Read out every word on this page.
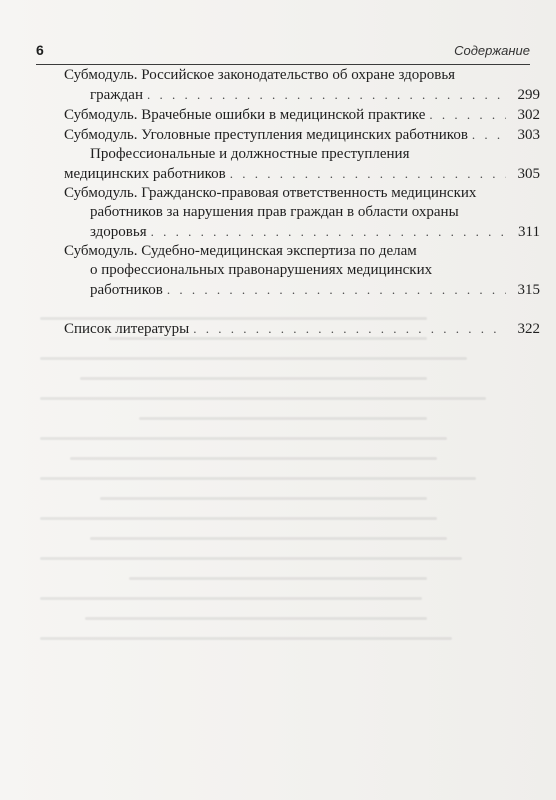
6	Содержание
Субмодуль. Российское законодательство об охране здоровья
граждан . . .	299
Субмодуль. Врачебные ошибки в медицинской практике . . .	302
Субмодуль. Уголовные преступления медицинских работников . . .	303
Профессиональные и должностные преступления
медицинских работников . . .	305
Субмодуль. Гражданско-правовая ответственность медицинских
работников за нарушения прав граждан в области охраны
здоровья . . .	311
Субмодуль. Судебно-медицинская экспертиза по делам
о профессиональных правонарушениях медицинских
работников . . .	315
Список литературы . . .	322
